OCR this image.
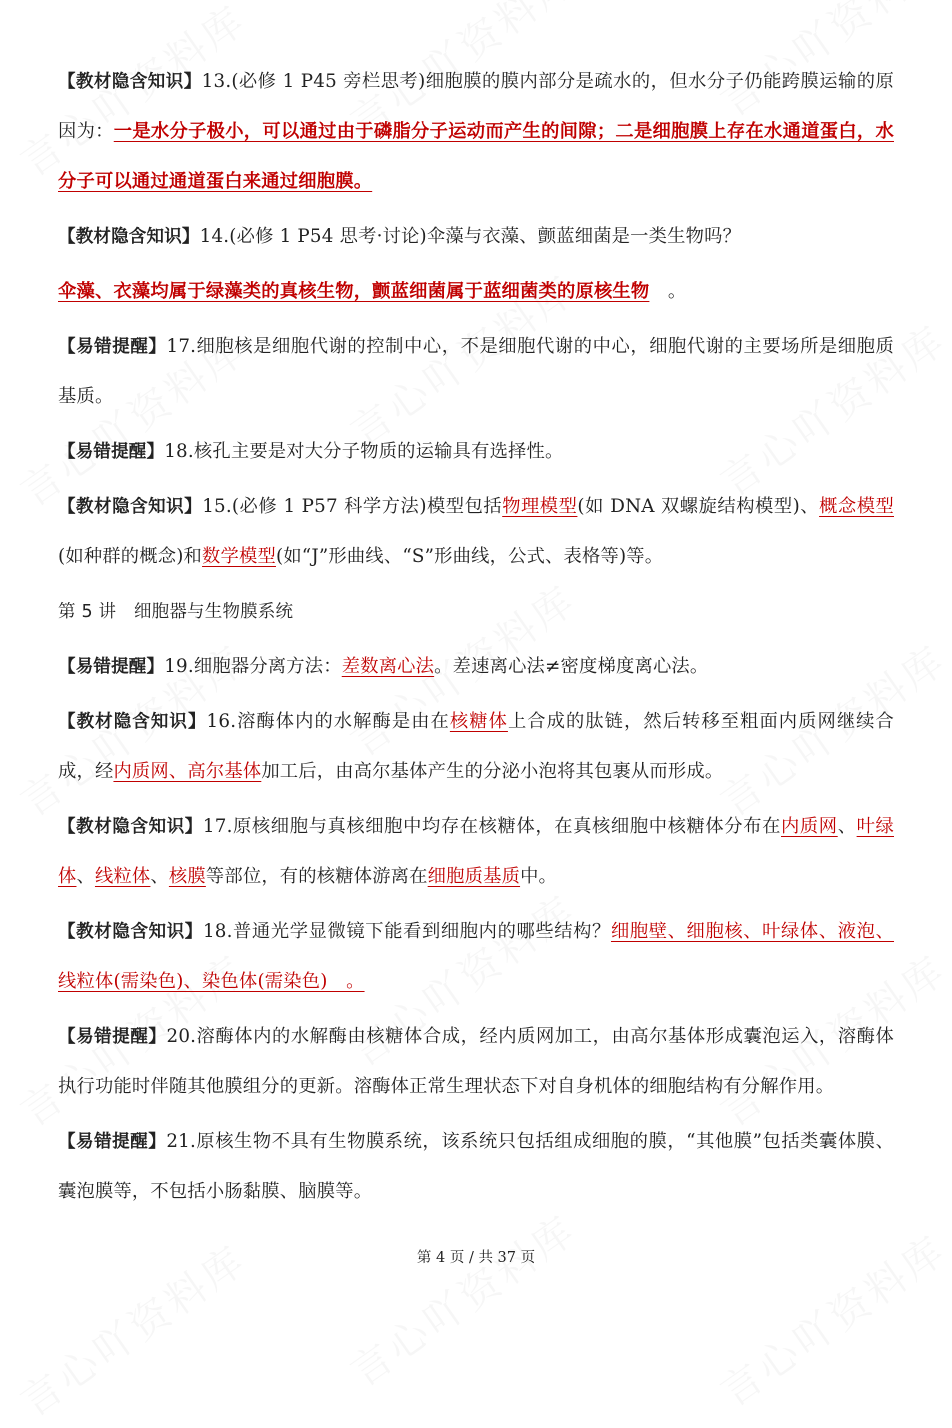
【教材隐含知识】13.(必修 1 P45 旁栏思考)细胞膜的膜内部分是疏水的，但水分子仍能跨膜运输的原因为：一是水分子极小，可以通过由于磷脂分子运动而产生的间隙；二是细胞膜上存在水通道蛋白，水分子可以通过通道蛋白来通过细胞膜。

【教材隐含知识】14.(必修 1 P54 思考·讨论)伞藻与衣藻、颤蓝细菌是一类生物吗？

伞藻、衣藻均属于绿藻类的真核生物，颤蓝细菌属于蓝细菌类的原核生物　。

【易错提醒】17.细胞核是细胞代谢的控制中心，不是细胞代谢的中心，细胞代谢的主要场所是细胞质基质。

【易错提醒】18.核孔主要是对大分子物质的运输具有选择性。

【教材隐含知识】15.(必修 1 P57 科学方法)模型包括物理模型(如 DNA 双螺旋结构模型)、概念模型(如种群的概念)和数学模型(如“J”形曲线、“S”形曲线，公式、表格等)等。

第 5 讲　细胞器与生物膜系统

【易错提醒】19.细胞器分离方法：差数离心法。差速离心法≠密度梯度离心法。

【教材隐含知识】16.溶酶体内的水解酶是由在核糖体上合成的肽链，然后转移至粗面内质网继续合成，经内质网、高尔基体加工后，由高尔基体产生的分泌小泡将其包裹从而形成。

【教材隐含知识】17.原核细胞与真核细胞中均存在核糖体，在真核细胞中核糖体分布在内质网、叶绿体、线粒体、核膜等部位，有的核糖体游离在细胞质基质中。

【教材隐含知识】18.普通光学显微镜下能看到细胞内的哪些结构？细胞壁、细胞核、叶绿体、液泡、线粒体(需染色)、染色体(需染色)　。

【易错提醒】20.溶酶体内的水解酶由核糖体合成，经内质网加工，由高尔基体形成囊泡运入，溶酶体执行功能时伴随其他膜组分的更新。溶酶体正常生理状态下对自身机体的细胞结构有分解作用。

【易错提醒】21.原核生物不具有生物膜系统，该系统只包括组成细胞的膜，“其他膜”包括类囊体膜、囊泡膜等，不包括小肠黏膜、脑膜等。

第 4 页 / 共 37 页
